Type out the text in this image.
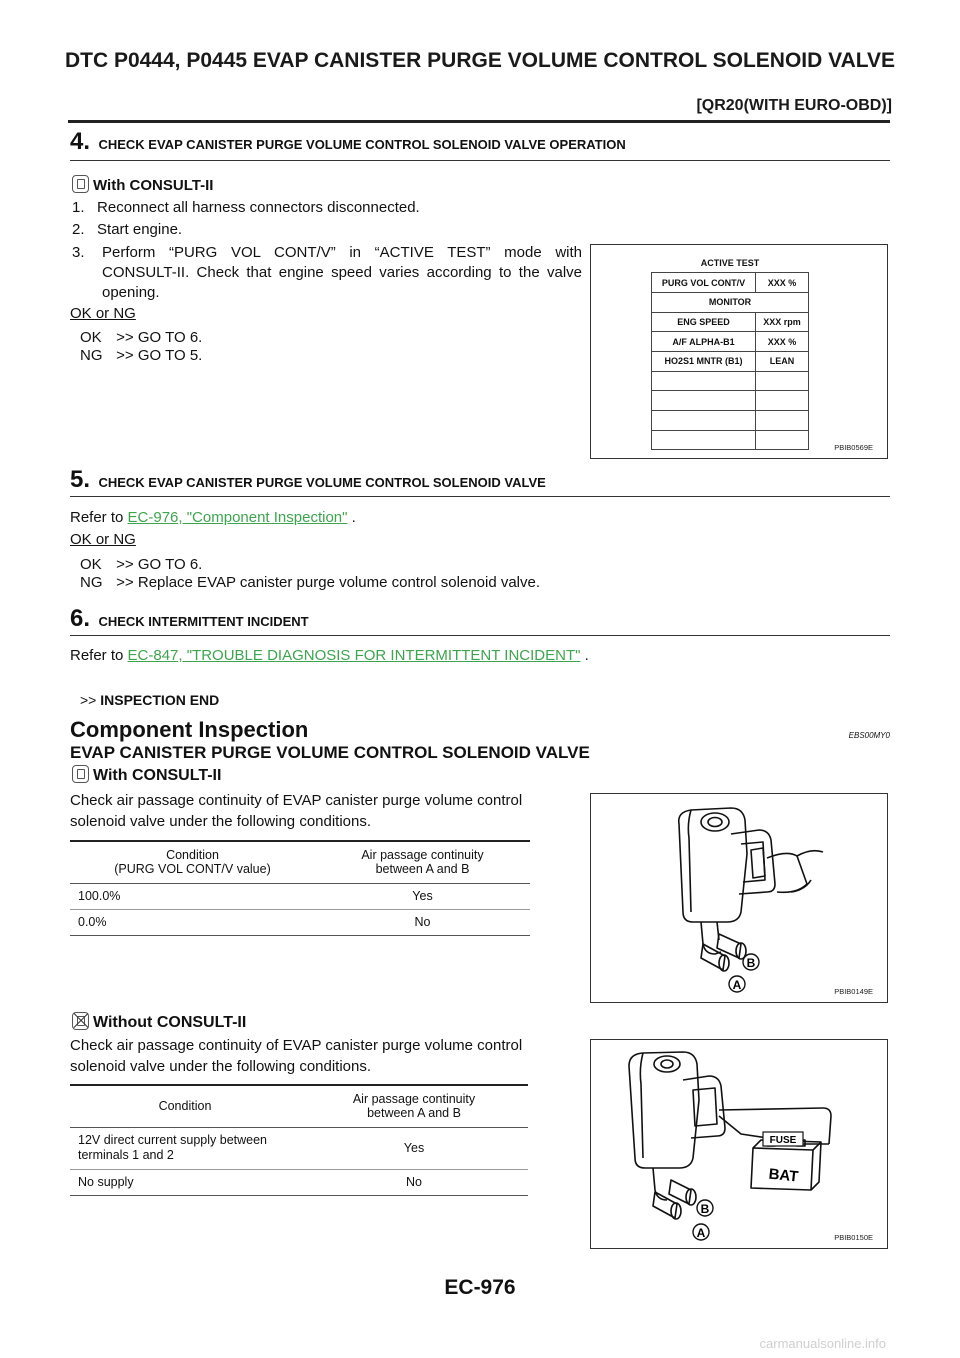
DTC P0444, P0445 EVAP CANISTER PURGE VOLUME CONTROL SOLENOID VALVE
[QR20(WITH EURO-OBD)]
4. CHECK EVAP CANISTER PURGE VOLUME CONTROL SOLENOID VALVE OPERATION
With CONSULT-II
1. Reconnect all harness connectors disconnected.
2. Start engine.
3.	Perform “PURG VOL CONT/V” in “ACTIVE TEST” mode with CONSULT-II. Check that engine speed varies according to the valve opening.
OK or NG
OK >> GO TO 6.
NG >> GO TO 5.
ACTIVE TEST	
PURG VOL CONT/V	XXX %
MONITOR	
ENG SPEED	XXX rpm
A/F ALPHA-B1	XXX %
HO2S1 MNTR (B1)	LEAN

PBIB0569E
5. CHECK EVAP CANISTER PURGE VOLUME CONTROL SOLENOID VALVE
Refer to EC-976, "Component Inspection" .
OK or NG
OK >> GO TO 6.
NG >> Replace EVAP canister purge volume control solenoid valve.
6. CHECK INTERMITTENT INCIDENT
Refer to EC-847, "TROUBLE DIAGNOSIS FOR INTERMITTENT INCIDENT" .
>> INSPECTION END
Component Inspection	EBS00MY0
EVAP CANISTER PURGE VOLUME CONTROL SOLENOID VALVE
With CONSULT-II
Check air passage continuity of EVAP canister purge volume control solenoid valve under the following conditions.
Condition
(PURG VOL CONT/V value)	Air passage continuity
between A and B
100.0%	Yes
0.0%	No
B
A	PBIB0149E
Without CONSULT-II
Check air passage continuity of EVAP canister purge volume control solenoid valve under the following conditions.
Condition	Air passage continuity
between A and B
12V direct current supply between terminals 1 and 2	Yes
No supply	No
FUSE
BAT
B
A	PBIB0150E
EC-976
carmanualsonline.info
